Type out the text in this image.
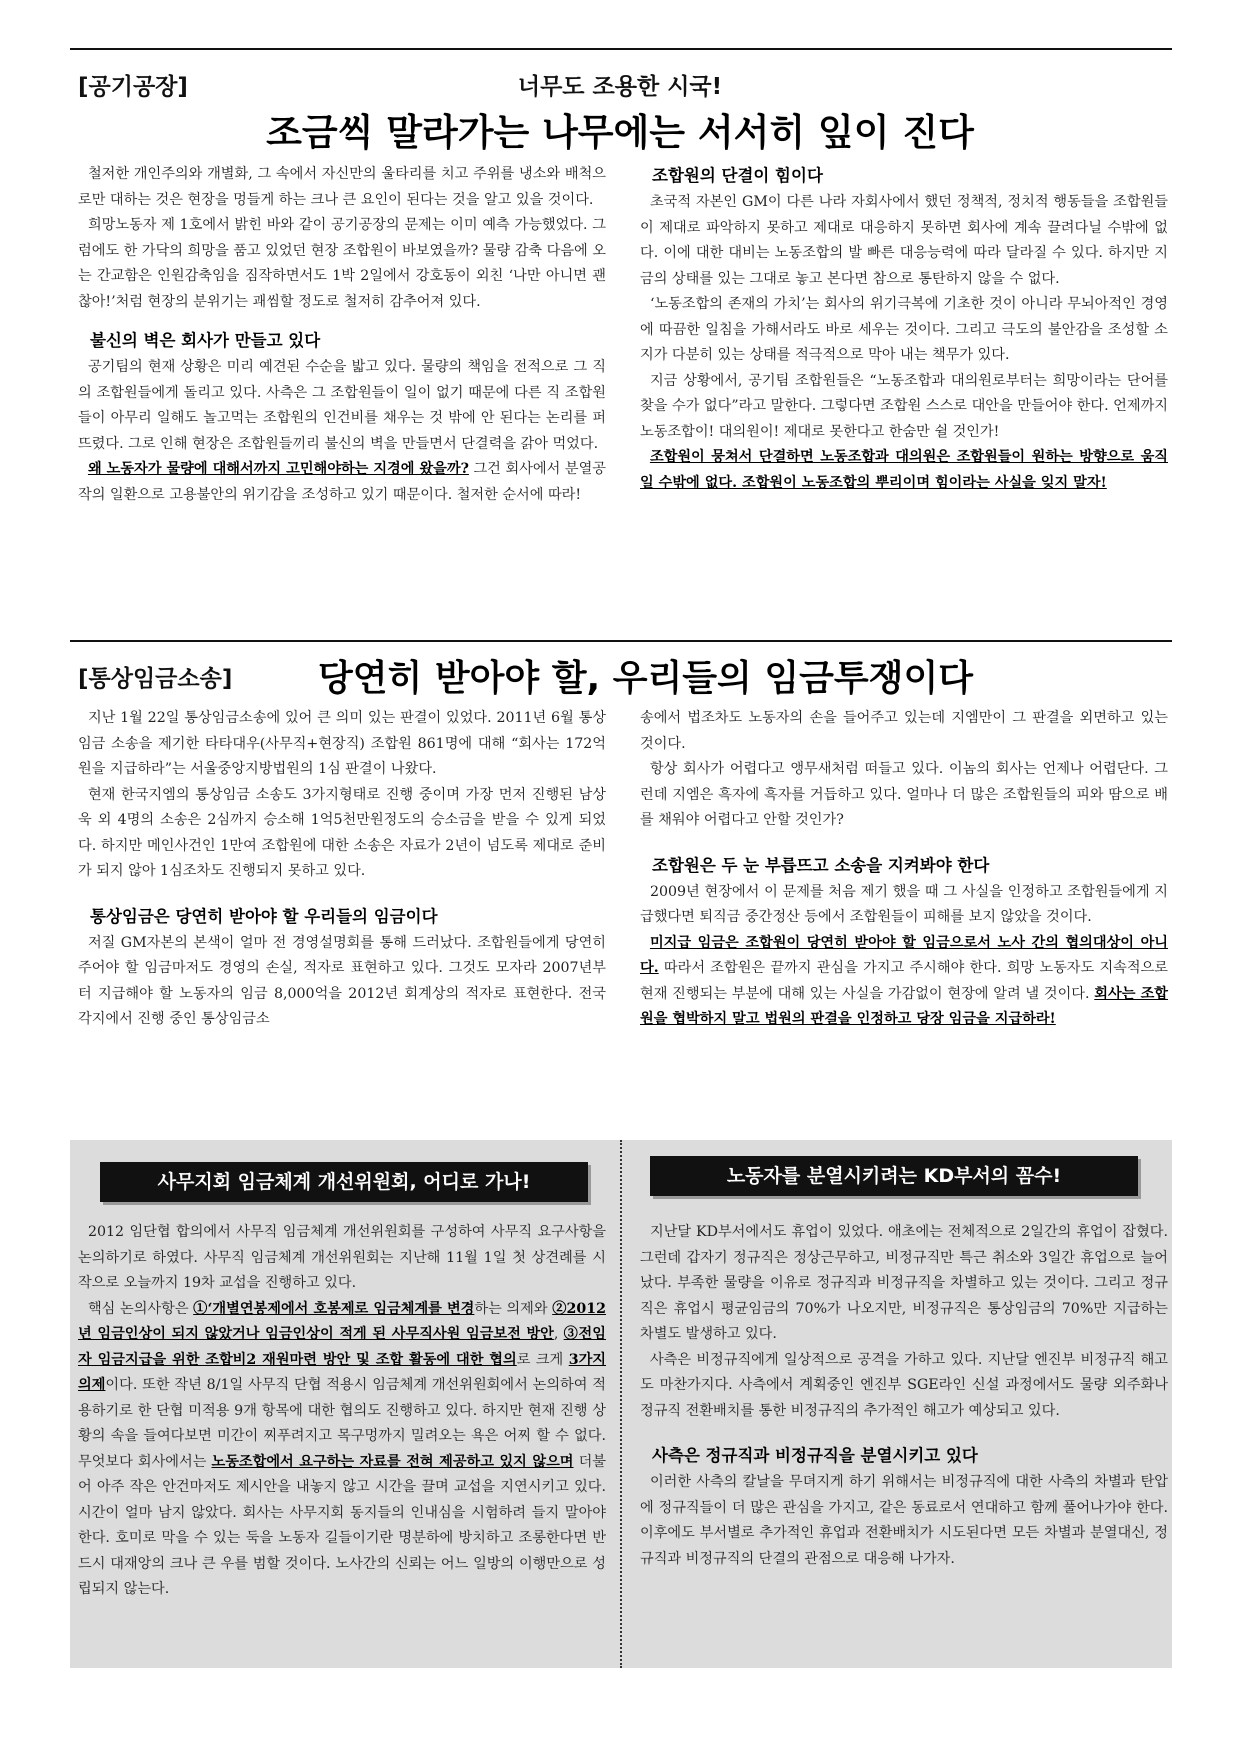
[공기공장]	너무도 조용한 시국!
조금씩 말라가는 나무에는 서서히 잎이 진다

철저한 개인주의와 개별화, 그 속에서 자신만의 울타리를 치고 주위를 냉소와 배척으로만 대하는 것은 현장을 멍들게 하는 크나 큰 요인이 된다는 것을 알고 있을 것이다.

희망노동자 제 1호에서 밝힌 바와 같이 공기공장의 문제는 이미 예측 가능했었다. 그럼에도 한 가닥의 희망을 품고 있었던 현장 조합원이 바보였을까? 물량 감축 다음에 오는 간교함은 인원감축임을 짐작하면서도 1박 2일에서 강호동이 외친 ‘나만 아니면 괜찮아!’처럼 현장의 분위기는 괘씸할 정도로 철저히 감추어져 있다.

불신의 벽은 회사가 만들고 있다

공기팀의 현재 상황은 미리 예견된 수순을 밟고 있다. 물량의 책임을 전적으로 그 직의 조합원들에게 돌리고 있다. 사측은 그 조합원들이 일이 없기 때문에 다른 직 조합원들이 아무리 일해도 놀고먹는 조합원의 인건비를 채우는 것 밖에 안 된다는 논리를 퍼뜨렸다. 그로 인해 현장은 조합원들끼리 불신의 벽을 만들면서 단결력을 갉아 먹었다.

왜 노동자가 물량에 대해서까지 고민해야하는 지경에 왔을까? 그건 회사에서 분열공작의 일환으로 고용불안의 위기감을 조성하고 있기 때문이다. 철저한 순서에 따라!

조합원의 단결이 힘이다

초국적 자본인 GM이 다른 나라 자회사에서 했던 정책적, 정치적 행동들을 조합원들이 제대로 파악하지 못하고 제대로 대응하지 못하면 회사에 계속 끌려다닐 수밖에 없다. 이에 대한 대비는 노동조합의 발 빠른 대응능력에 따라 달라질 수 있다. 하지만 지금의 상태를 있는 그대로 놓고 본다면 참으로 통탄하지 않을 수 없다.

‘노동조합의 존재의 가치’는 회사의 위기극복에 기초한 것이 아니라 무뇌아적인 경영에 따끔한 일침을 가해서라도 바로 세우는 것이다. 그리고 극도의 불안감을 조성할 소지가 다분히 있는 상태를 적극적으로 막아 내는 책무가 있다.

지금 상황에서, 공기팀 조합원들은 “노동조합과 대의원로부터는 희망이라는 단어를 찾을 수가 없다”라고 말한다. 그렇다면 조합원 스스로 대안을 만들어야 한다. 언제까지 노동조합이! 대의원이! 제대로 못한다고 한숨만 쉴 것인가!

조합원이 뭉쳐서 단결하면 노동조합과 대의원은 조합원들이 원하는 방향으로 움직일 수밖에 없다. 조합원이 노동조합의 뿌리이며 힘이라는 사실을 잊지 말자!

[통상임금소송] 당연히 받아야 할, 우리들의 임금투쟁이다

지난 1월 22일 통상임금소송에 있어 큰 의미 있는 판결이 있었다. 2011년 6월 통상임금 소송을 제기한 타타대우(사무직+현장직) 조합원 861명에 대해 “회사는 172억 원을 지급하라”는 서울중앙지방법원의 1심 판결이 나왔다.

현재 한국지엠의 통상임금 소송도 3가지형태로 진행 중이며 가장 먼저 진행된 남상욱 외 4명의 소송은 2심까지 승소해 1억5천만원정도의 승소금을 받을 수 있게 되었다. 하지만 메인사건인 1만여 조합원에 대한 소송은 자료가 2년이 넘도록 제대로 준비가 되지 않아 1심조차도 진행되지 못하고 있다.

통상임금은 당연히 받아야 할 우리들의 임금이다

저질 GM자본의 본색이 얼마 전 경영설명회를 통해 드러났다. 조합원들에게 당연히 주어야 할 임금마저도 경영의 손실, 적자로 표현하고 있다. 그것도 모자라 2007년부터 지급해야 할 노동자의 임금 8,000억을 2012년 회계상의 적자로 표현한다. 전국 각지에서 진행 중인 통상임금소

송에서 법조차도 노동자의 손을 들어주고 있는데 지엠만이 그 판결을 외면하고 있는 것이다.

항상 회사가 어렵다고 앵무새처럼 떠들고 있다. 이놈의 회사는 언제나 어렵단다. 그런데 지엠은 흑자에 흑자를 거듭하고 있다. 얼마나 더 많은 조합원들의 피와 땀으로 배를 채워야 어렵다고 안할 것인가?

조합원은 두 눈 부릅뜨고 소송을 지켜봐야 한다

2009년 현장에서 이 문제를 처음 제기 했을 때 그 사실을 인정하고 조합원들에게 지급했다면 퇴직금 중간정산 등에서 조합원들이 피해를 보지 않았을 것이다.

미지급 임금은 조합원이 당연히 받아야 할 임금으로서 노사 간의 협의대상이 아니다. 따라서 조합원은 끝까지 관심을 가지고 주시해야 한다. 희망 노동자도 지속적으로 현재 진행되는 부분에 대해 있는 사실을 가감없이 현장에 알려 낼 것이다. 회사는 조합원을 협박하지 말고 법원의 판결을 인정하고 당장 임금을 지급하라!

사무지회 임금체계 개선위원회, 어디로 가나!	노동자를 분열시키려는 KD부서의 꼼수!

2012 임단협 합의에서 사무직 임금체계 개선위원회를 구성하여 사무직 요구사항을 논의하기로 하였다. 사무직 임금체계 개선위원회는 지난해 11월 1일 첫 상견례를 시작으로 오늘까지 19차 교섭을 진행하고 있다.

핵심 논의사항은 ①‘개별연봉제에서 호봉제로 임금체계를 변경하는 의제와 ②2012년 임금인상이 되지 않았거나 임금인상이 적게 된 사무직사원 임금보전 방안, ③전임자 임금지급을 위한 조합비2 재원마련 방안 및 조합 활동에 대한 협의로 크게 3가지 의제이다. 또한 작년 8/1일 사무직 단협 적용시 임금체계 개선위원회에서 논의하여 적용하기로 한 단협 미적용 9개 항목에 대한 협의도 진행하고 있다. 하지만 현재 진행 상황의 속을 들여다보면 미간이 찌푸려지고 목구멍까지 밀려오는 욕은 어찌 할 수 없다. 무엇보다 회사에서는 노동조합에서 요구하는 자료를 전혀 제공하고 있지 않으며 더불어 아주 작은 안건마저도 제시안을 내놓지 않고 시간을 끌며 교섭을 지연시키고 있다. 시간이 얼마 남지 않았다. 회사는 사무지회 동지들의 인내심을 시험하려 들지 말아야 한다. 호미로 막을 수 있는 둑을 노동자 길들이기란 명분하에 방치하고 조롱한다면 반드시 대재앙의 크나 큰 우를 범할 것이다. 노사간의 신뢰는 어느 일방의 이행만으로 성립되지 않는다.

지난달 KD부서에서도 휴업이 있었다. 애초에는 전체적으로 2일간의 휴업이 잡혔다. 그런데 갑자기 정규직은 정상근무하고, 비정규직만 특근 취소와 3일간 휴업으로 늘어났다. 부족한 물량을 이유로 정규직과 비정규직을 차별하고 있는 것이다. 그리고 정규직은 휴업시 평균임금의 70%가 나오지만, 비정규직은 통상임금의 70%만 지급하는 차별도 발생하고 있다.

사측은 비정규직에게 일상적으로 공격을 가하고 있다. 지난달 엔진부 비정규직 해고도 마찬가지다. 사측에서 계획중인 엔진부 SGE라인 신설 과정에서도 물량 외주화나 정규직 전환배치를 통한 비정규직의 추가적인 해고가 예상되고 있다.

사측은 정규직과 비정규직을 분열시키고 있다

이러한 사측의 칼날을 무뎌지게 하기 위해서는 비정규직에 대한 사측의 차별과 탄압에 정규직들이 더 많은 관심을 가지고, 같은 동료로서 연대하고 함께 풀어나가야 한다. 이후에도 부서별로 추가적인 휴업과 전환배치가 시도된다면 모든 차별과 분열대신, 정규직과 비정규직의 단결의 관점으로 대응해 나가자.
